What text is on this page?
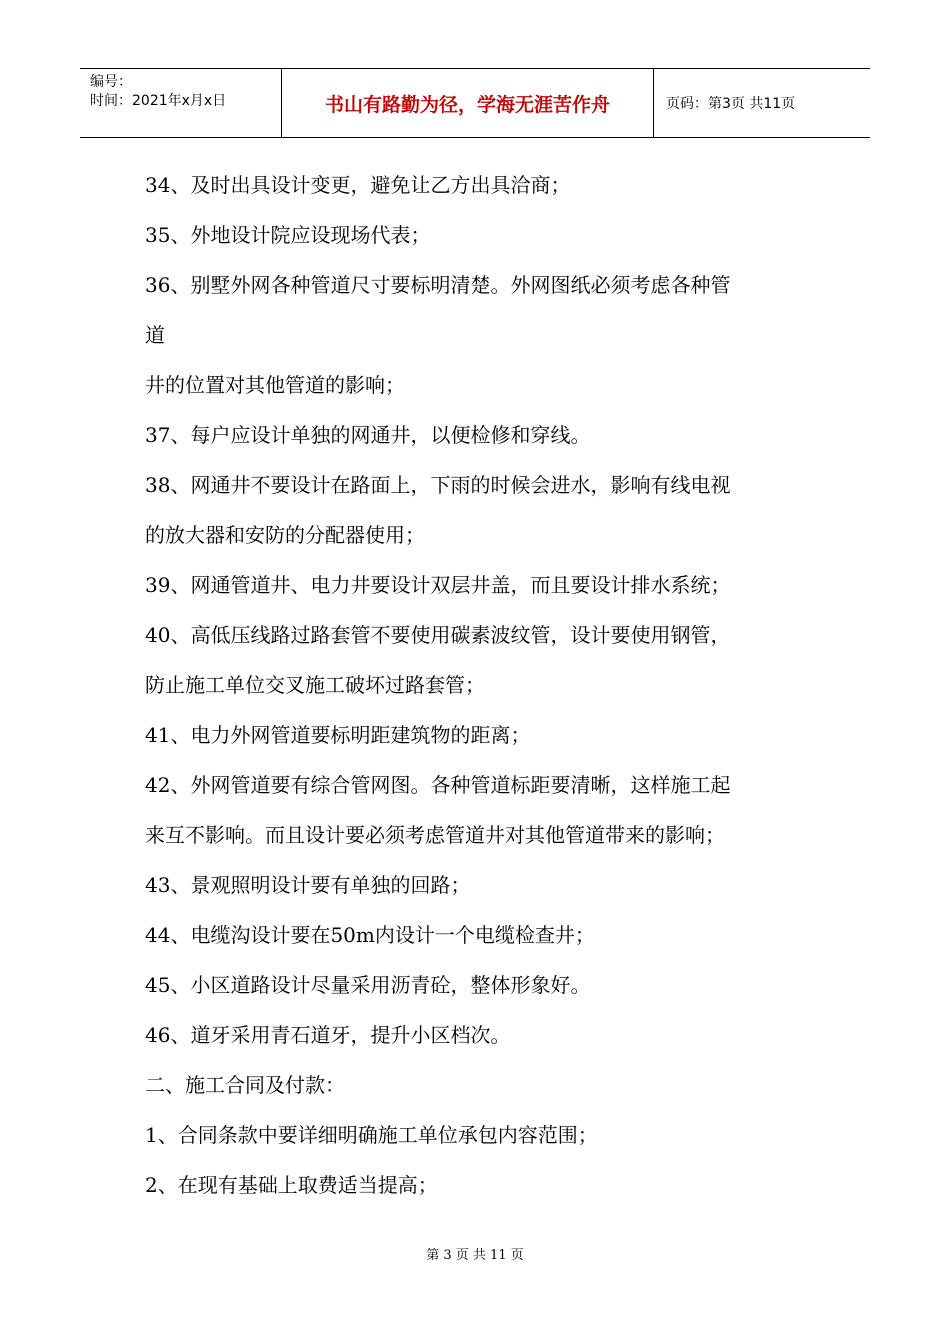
编号：
时间：2021年x月x日	书山有路勤为径，学海无涯苦作舟	页码：第3页 共11页
34、及时出具设计变更，避免让乙方出具洽商；
35、外地设计院应设现场代表；
36、别墅外网各种管道尺寸要标明清楚。外网图纸必须考虑各种管
道
井的位置对其他管道的影响；
37、每户应设计单独的网通井，以便检修和穿线。
38、网通井不要设计在路面上，下雨的时候会进水，影响有线电视
的放大器和安防的分配器使用；
39、网通管道井、电力井要设计双层井盖，而且要设计排水系统；
40、高低压线路过路套管不要使用碳素波纹管，设计要使用钢管，
防止施工单位交叉施工破坏过路套管；
41、电力外网管道要标明距建筑物的距离；
42、外网管道要有综合管网图。各种管道标距要清晰，这样施工起
来互不影响。而且设计要必须考虑管道井对其他管道带来的影响；
43、景观照明设计要有单独的回路；
44、电缆沟设计要在50m内设计一个电缆检查井；
45、小区道路设计尽量采用沥青砼，整体形象好。
46、道牙采用青石道牙，提升小区档次。
二、施工合同及付款：
1、合同条款中要详细明确施工单位承包内容范围；
2、在现有基础上取费适当提高；
第 3 页 共 11 页
